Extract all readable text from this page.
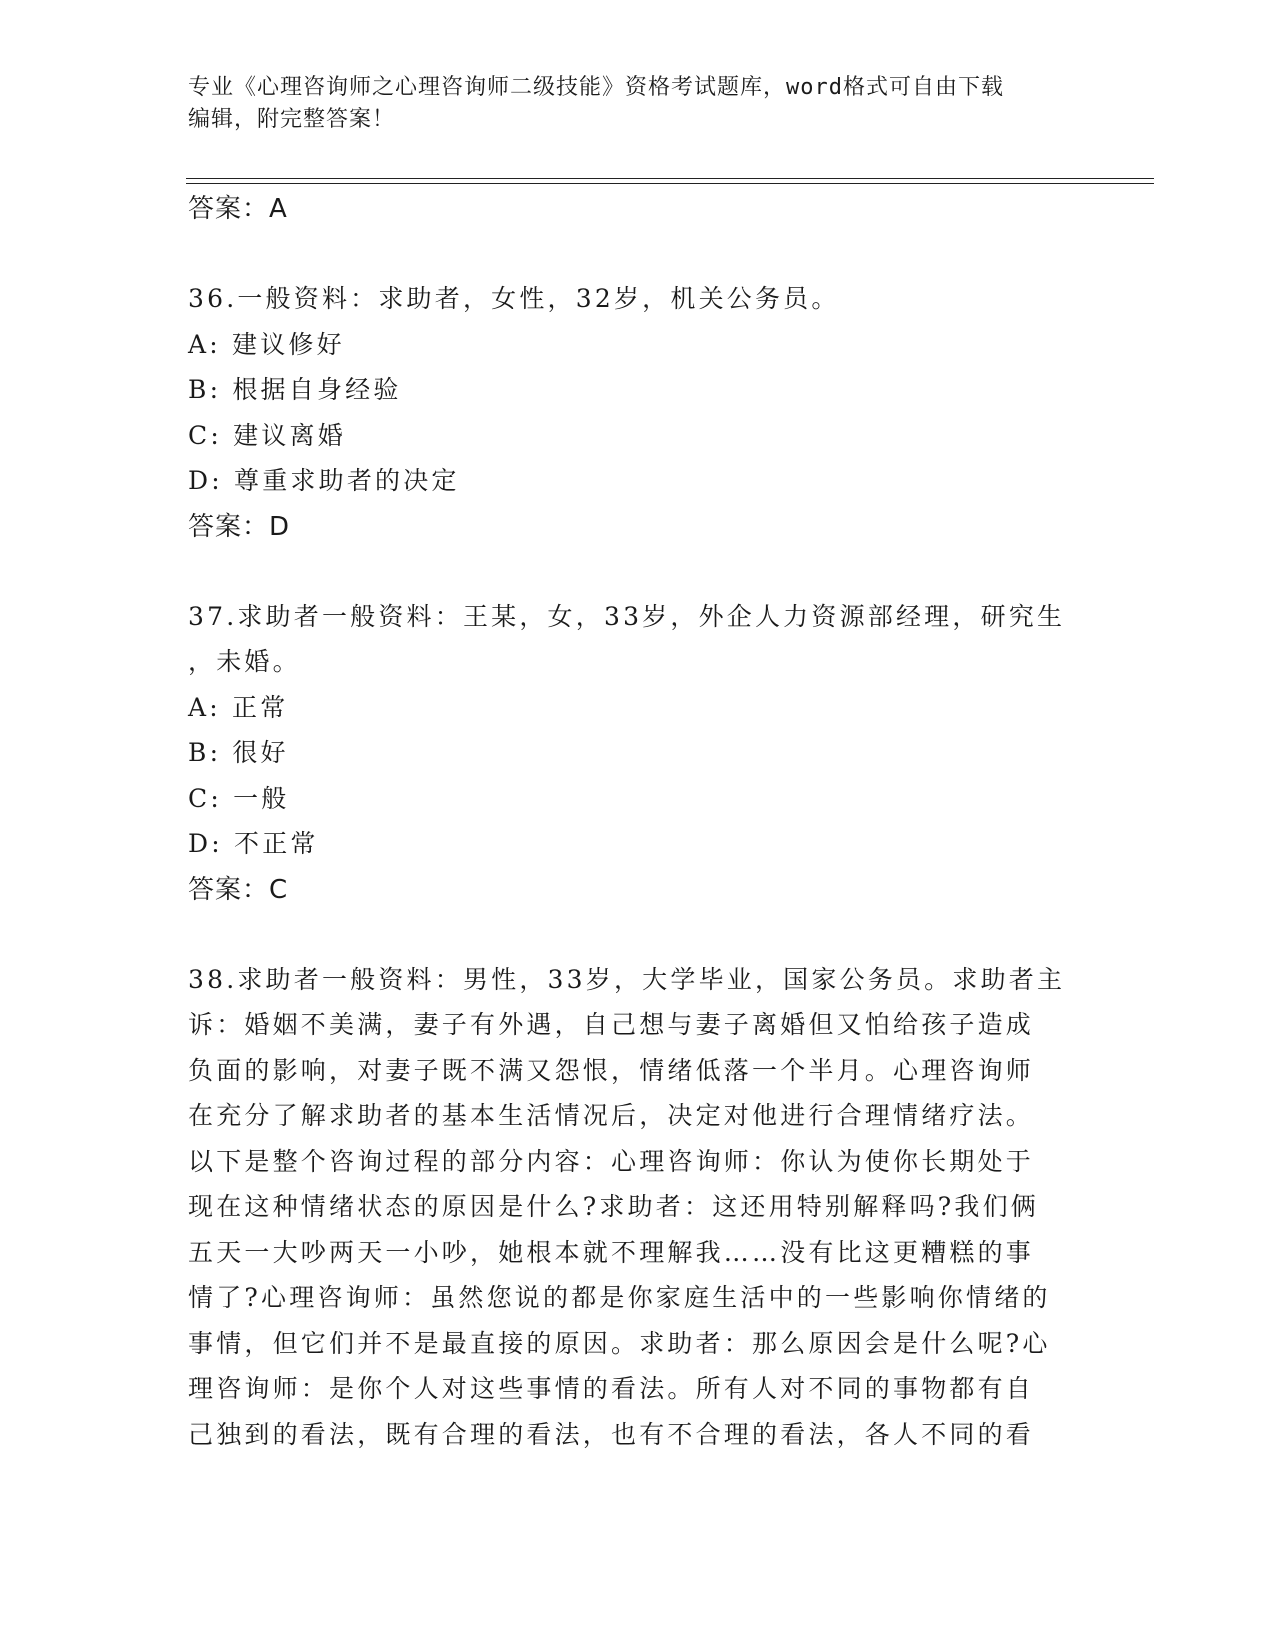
专业《心理咨询师之心理咨询师二级技能》资格考试题库，word格式可自由下载
编辑，附完整答案！
答案：A
36.一般资料：求助者，女性，32岁，机关公务员。
A: 建议修好
B: 根据自身经验
C: 建议离婚
D: 尊重求助者的决定
答案：D
37.求助者一般资料：王某，女，33岁，外企人力资源部经理，研究生
，未婚。
A: 正常
B: 很好
C: 一般
D: 不正常
答案：C
38.求助者一般资料：男性，33岁，大学毕业，国家公务员。求助者主
诉：婚姻不美满，妻子有外遇，自己想与妻子离婚但又怕给孩子造成
负面的影响，对妻子既不满又怨恨，情绪低落一个半月。心理咨询师
在充分了解求助者的基本生活情况后，决定对他进行合理情绪疗法。
以下是整个咨询过程的部分内容：心理咨询师：你认为使你长期处于
现在这种情绪状态的原因是什么?求助者：这还用特别解释吗?我们俩
五天一大吵两天一小吵，她根本就不理解我……没有比这更糟糕的事
情了?心理咨询师：虽然您说的都是你家庭生活中的一些影响你情绪的
事情，但它们并不是最直接的原因。求助者：那么原因会是什么呢?心
理咨询师：是你个人对这些事情的看法。所有人对不同的事物都有自
己独到的看法，既有合理的看法，也有不合理的看法，各人不同的看
